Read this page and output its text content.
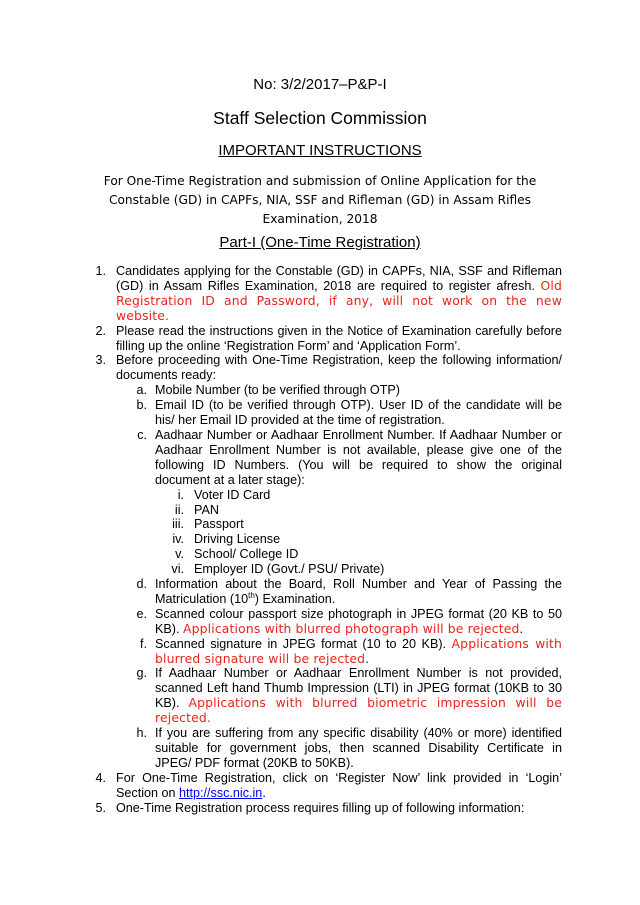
No: 3/2/2017–P&P-I
Staff Selection Commission
IMPORTANT INSTRUCTIONS
For One-Time Registration and submission of Online Application for the Constable (GD) in CAPFs, NIA, SSF and Rifleman (GD) in Assam Rifles Examination, 2018
Part-I (One-Time Registration)
1. Candidates applying for the Constable (GD) in CAPFs, NIA, SSF and Rifleman (GD) in Assam Rifles Examination, 2018 are required to register afresh. Old Registration ID and Password, if any, will not work on the new website.
2. Please read the instructions given in the Notice of Examination carefully before filling up the online ‘Registration Form’ and ‘Application Form’.
3. Before proceeding with One-Time Registration, keep the following information/ documents ready:
a. Mobile Number (to be verified through OTP)
b. Email ID (to be verified through OTP). User ID of the candidate will be his/ her Email ID provided at the time of registration.
c. Aadhaar Number or Aadhaar Enrollment Number. If Aadhaar Number or Aadhaar Enrollment Number is not available, please give one of the following ID Numbers. (You will be required to show the original document at a later stage):
i. Voter ID Card
ii. PAN
iii. Passport
iv. Driving License
v. School/ College ID
vi. Employer ID (Govt./ PSU/ Private)
d. Information about the Board, Roll Number and Year of Passing the Matriculation (10th) Examination.
e. Scanned colour passport size photograph in JPEG format (20 KB to 50 KB). Applications with blurred photograph will be rejected.
f. Scanned signature in JPEG format (10 to 20 KB). Applications with blurred signature will be rejected.
g. If Aadhaar Number or Aadhaar Enrollment Number is not provided, scanned Left hand Thumb Impression (LTI) in JPEG format (10KB to 30 KB). Applications with blurred biometric impression will be rejected.
h. If you are suffering from any specific disability (40% or more) identified suitable for government jobs, then scanned Disability Certificate in JPEG/ PDF format (20KB to 50KB).
4. For One-Time Registration, click on ‘Register Now’ link provided in ‘Login’ Section on http://ssc.nic.in.
5. One-Time Registration process requires filling up of following information:
